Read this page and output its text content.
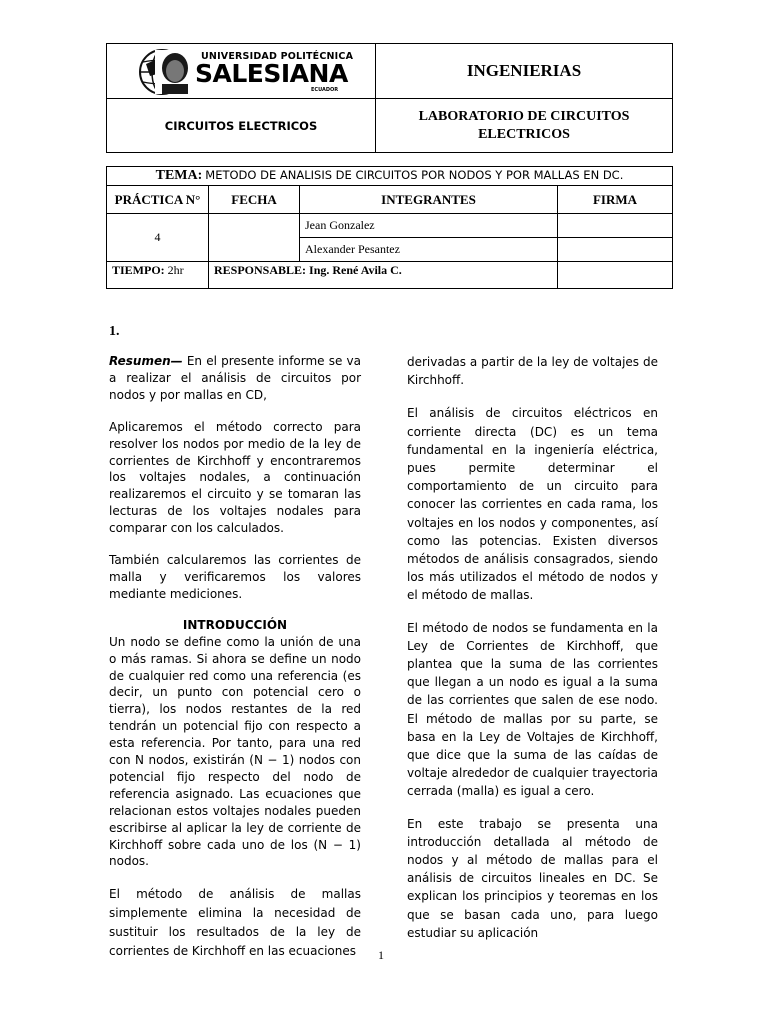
UNIVERSIDAD POLITÉCNICA
SALESIANA
ECUADOR	INGENIERIAS
CIRCUITOS ELECTRICOS	LABORATORIO DE CIRCUITOS ELECTRICOS
TEMA: METODO DE ANALISIS DE CIRCUITOS POR NODOS Y POR MALLAS EN DC.			
PRÁCTICA N°	FECHA	INTEGRANTES	FIRMA
4		Jean Gonzalez	
		Alexander Pesantez	
TIEMPO: 2hr	RESPONSABLE: Ing. René Avila C.		
1.
Resumen— En el presente informe se va a realizar el análisis de circuitos por nodos y por mallas en CD,
Aplicaremos el método correcto para resolver los nodos por medio de la ley de corrientes de Kirchhoff y encontraremos los voltajes nodales, a continuación realizaremos el circuito y se tomaran las lecturas de los voltajes nodales para comparar con los calculados.
También calcularemos las corrientes de malla y verificaremos los valores mediante mediciones.
INTRODUCCIÓN
Un nodo se define como la unión de una o más ramas. Si ahora se define un nodo de cualquier red como una referencia (es decir, un punto con potencial cero o tierra), los nodos restantes de la red tendrán un potencial fijo con respecto a esta referencia. Por tanto, para una red con N nodos, existirán (N − 1) nodos con potencial fijo respecto del nodo de referencia asignado. Las ecuaciones que relacionan estos voltajes nodales pueden escribirse al aplicar la ley de corriente de Kirchhoff sobre cada uno de los (N − 1) nodos.
El método de análisis de mallas simplemente elimina la necesidad de sustituir los resultados de la ley de corrientes de Kirchhoff en las ecuaciones
derivadas a partir de la ley de voltajes de Kirchhoff.
El análisis de circuitos eléctricos en corriente directa (DC) es un tema fundamental en la ingeniería eléctrica, pues permite determinar el comportamiento de un circuito para conocer las corrientes en cada rama, los voltajes en los nodos y componentes, así como las potencias. Existen diversos métodos de análisis consagrados, siendo los más utilizados el método de nodos y el método de mallas.
El método de nodos se fundamenta en la Ley de Corrientes de Kirchhoff, que plantea que la suma de las corrientes que llegan a un nodo es igual a la suma de las corrientes que salen de ese nodo. El método de mallas por su parte, se basa en la Ley de Voltajes de Kirchhoff, que dice que la suma de las caídas de voltaje alrededor de cualquier trayectoria cerrada (malla) es igual a cero.
En este trabajo se presenta una introducción detallada al método de nodos y al método de mallas para el análisis de circuitos lineales en DC. Se explican los principios y teoremas en los que se basan cada uno, para luego estudiar su aplicación
1
